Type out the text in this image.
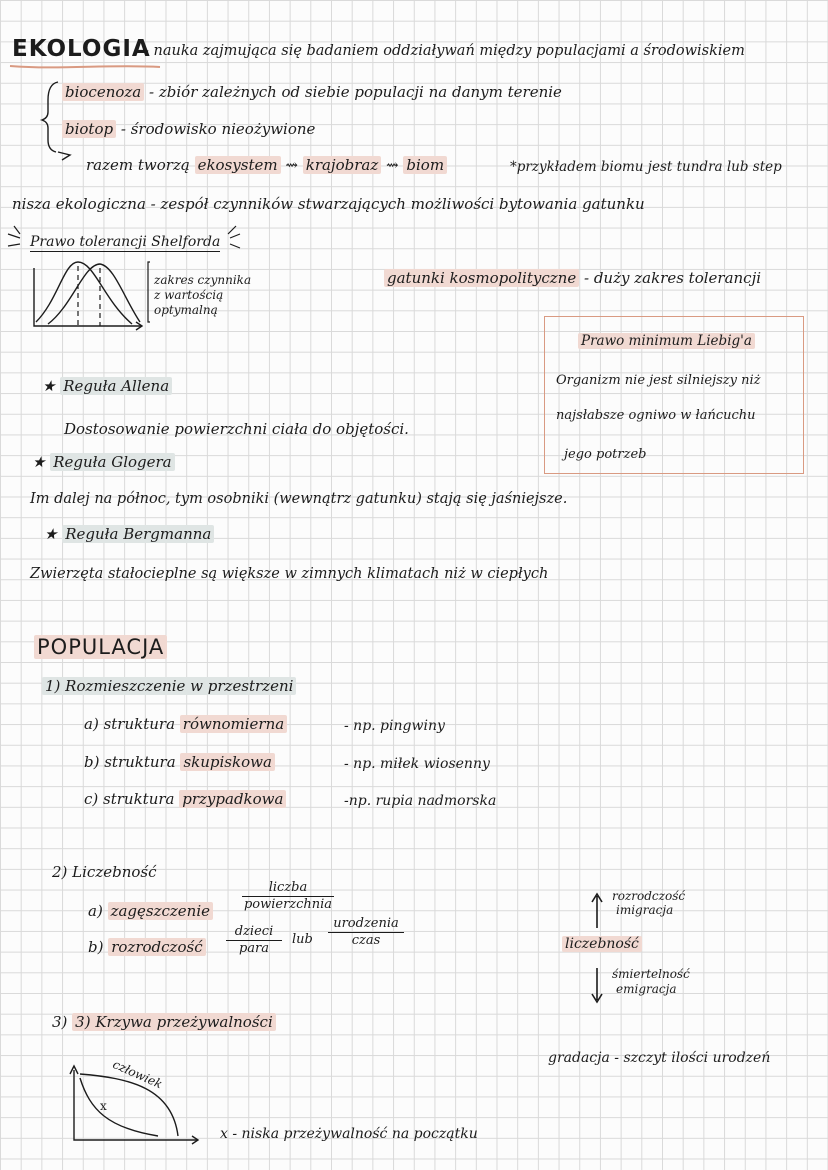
EKOLOGIA
- nauka zajmująca się badaniem oddziaływań między populacjami a środowiskiem
biocenoza - zbiór zależnych od siebie populacji na danym terenie
biotop - środowisko nieożywione
razem tworzą ekosystem ⇝ krajobraz ⇝ biom	*przykładem biomu jest tundra lub step
nisza ekologiczna - zespół czynników stwarzających możliwości bytowania gatunku
Prawo tolerancji Shelforda
zakres czynnika
z wartością
optymalną
gatunki kosmopolityczne - duży zakres tolerancji
Prawo minimum Liebig'a
Organizm nie jest silniejszy niż
najsłabsze ogniwo w łańcuchu
jego potrzeb
★ Reguła Allena
Dostosowanie powierzchni ciała do objętości.
★ Reguła Glogera
Im dalej na północ, tym osobniki (wewnątrz gatunku) stają się jaśniejsze.
★ Reguła Bergmanna
Zwierzęta stałocieplne są większe w zimnych klimatach niż w ciepłych
POPULACJA
1) Rozmieszczenie w przestrzeni
a) struktura równomierna	- np. pingwiny
b) struktura skupiskowa	- np. miłek wiosenny
c) struktura przypadkowa	-np. rupia nadmorska
2) Liczebność
a) zagęszczenie
liczba
powierzchnia
b) rozrodczość
dzieci
para
lub
urodzenia
czas
rozrodczość
imigracja
liczebność
śmiertelność
emigracja
3) 3) Krzywa przeżywalności
człowiek
x
x - niska przeżywalność na początku
gradacja - szczyt ilości urodzeń
